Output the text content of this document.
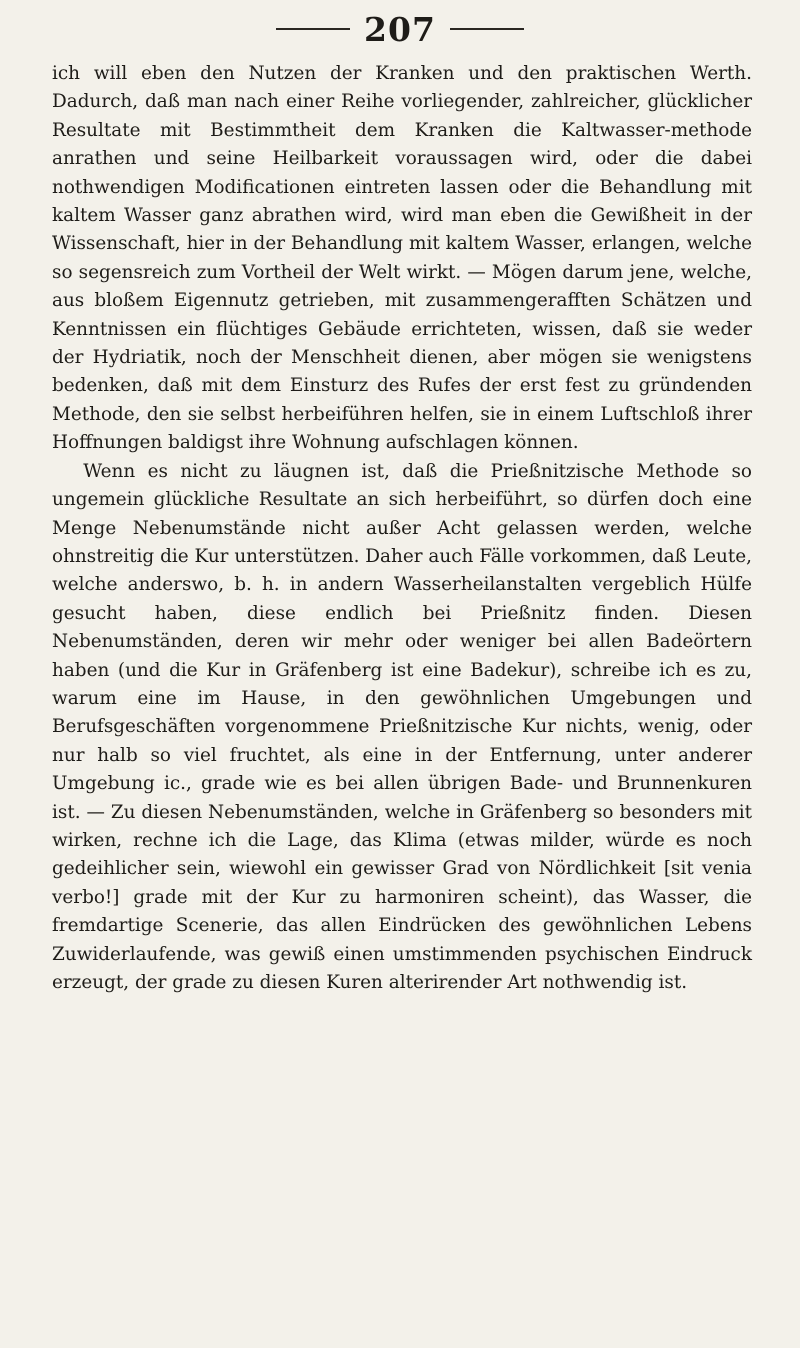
207

ich will eben den Nutzen der Kranken und den praktischen Werth. Dadurch, daß man nach einer Reihe vorliegender, zahlreicher, glücklicher Resultate mit Bestimmtheit dem Kranken die Kaltwasser-methode anrathen und seine Heilbarkeit voraussagen wird, oder die dabei nothwendigen Modificationen eintreten lassen oder die Behandlung mit kaltem Wasser ganz abrathen wird, wird man eben die Gewißheit in der Wissenschaft, hier in der Behandlung mit kaltem Wasser, erlangen, welche so segensreich zum Vortheil der Welt wirkt. — Mögen darum jene, welche, aus bloßem Eigennutz getrieben, mit zusammengerafften Schätzen und Kenntnissen ein flüchtiges Gebäude errichteten, wissen, daß sie weder der Hydriatik, noch der Menschheit dienen, aber mögen sie wenigstens bedenken, daß mit dem Einsturz des Rufes der erst fest zu gründenden Methode, den sie selbst herbeiführen helfen, sie in einem Luftschloß ihrer Hoffnungen baldigst ihre Wohnung aufschlagen können.

Wenn es nicht zu läugnen ist, daß die Prießnitzische Methode so ungemein glückliche Resultate an sich herbeiführt, so dürfen doch eine Menge Nebenumstände nicht außer Acht gelassen werden, welche ohnstreitig die Kur unterstützen. Daher auch Fälle vorkommen, daß Leute, welche anderswo, b. h. in andern Wasserheilanstalten vergeblich Hülfe gesucht haben, diese endlich bei Prießnitz finden. Diesen Nebenumständen, deren wir mehr oder weniger bei allen Badeörtern haben (und die Kur in Gräfenberg ist eine Badekur), schreibe ich es zu, warum eine im Hause, in den gewöhnlichen Umgebungen und Berufsgeschäften vorgenommene Prießnitzische Kur nichts, wenig, oder nur halb so viel fruchtet, als eine in der Entfernung, unter anderer Umgebung ic., grade wie es bei allen übrigen Bade- und Brunnenkuren ist. — Zu diesen Nebenumständen, welche in Gräfenberg so besonders mit wirken, rechne ich die Lage, das Klima (etwas milder, würde es noch gedeihlicher sein, wiewohl ein gewisser Grad von Nördlichkeit [sit venia verbo!] grade mit der Kur zu harmoniren scheint), das Wasser, die fremdartige Scenerie, das allen Eindrücken des gewöhnlichen Lebens Zuwiderlaufende, was gewiß einen umstimmenden psychischen Eindruck erzeugt, der grade zu diesen Kuren alterirender Art nothwendig ist.
